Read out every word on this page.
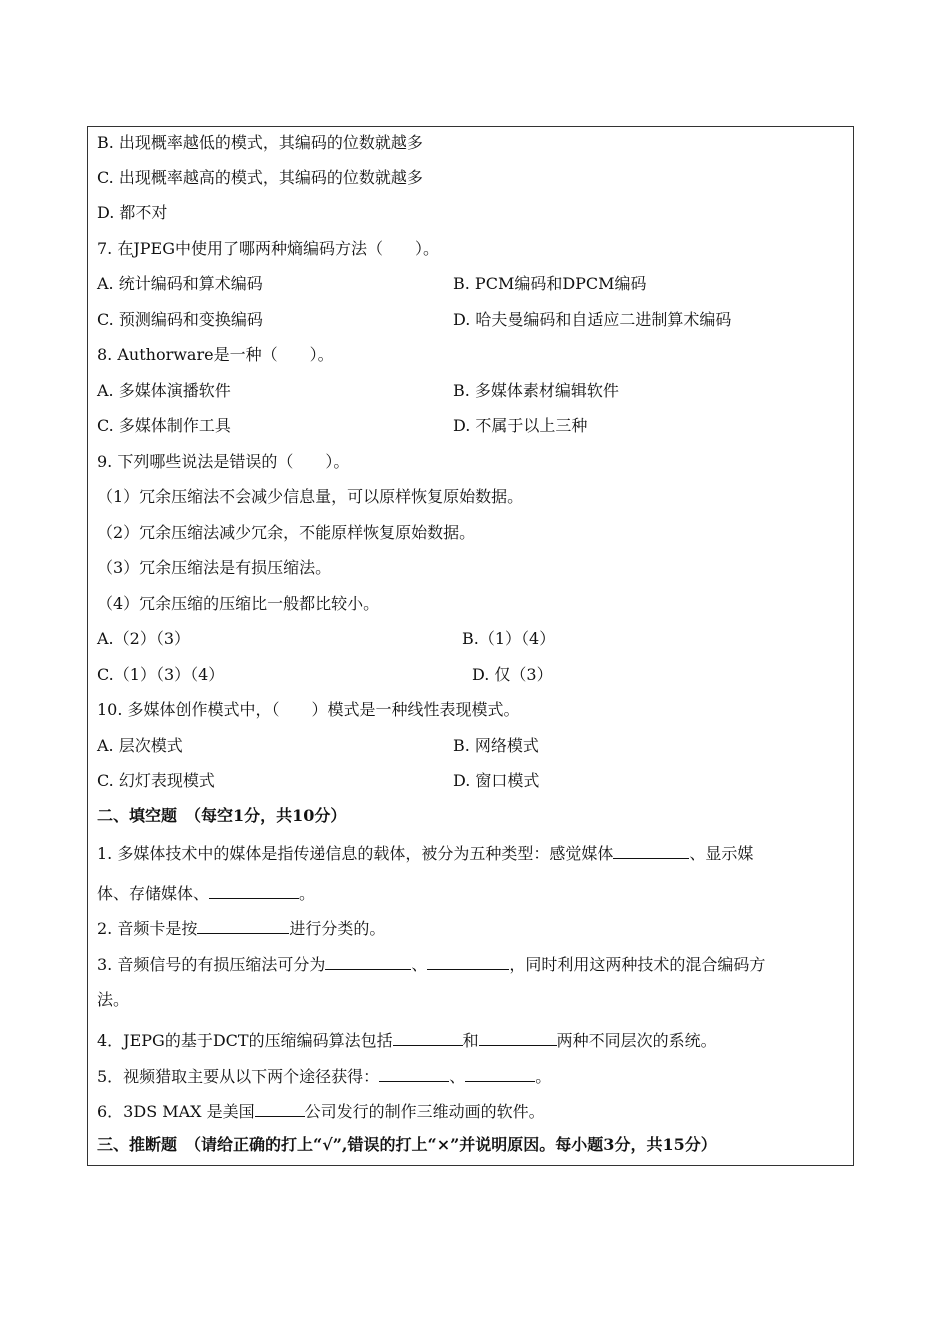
B. 出现概率越低的模式，其编码的位数就越多
C. 出现概率越高的模式，其编码的位数就越多
D. 都不对
7. 在JPEG中使用了哪两种熵编码方法（　　）。
A. 统计编码和算术编码	B. PCM编码和DPCM编码
C. 预测编码和变换编码	D. 哈夫曼编码和自适应二进制算术编码
8. Authorware是一种（　　）。
A. 多媒体演播软件	B. 多媒体素材编辑软件
C. 多媒体制作工具	D. 不属于以上三种
9. 下列哪些说法是错误的（　　）。
（1）冗余压缩法不会减少信息量，可以原样恢复原始数据。
（2）冗余压缩法减少冗余，不能原样恢复原始数据。
（3）冗余压缩法是有损压缩法。
（4）冗余压缩的压缩比一般都比较小。
A.（2）（3）	B.（1）（4）
C.（1）（3）（4）	D. 仅（3）
10. 多媒体创作模式中，（　　）模式是一种线性表现模式。
A. 层次模式	B. 网络模式
C. 幻灯表现模式	D. 窗口模式
二、填空题　（每空1分，共10分）
1. 多媒体技术中的媒体是指传递信息的载体，被分为五种类型：感觉媒体	、显示媒
体、存储媒体、	。
2. 音频卡是按	进行分类的。
3. 音频信号的有损压缩法可分为	、	，同时利用这两种技术的混合编码方
法。
4．JEPG的基于DCT的压缩编码算法包括	和	两种不同层次的系统。
5．视频猎取主要从以下两个途径获得：	、	。
6．3DS MAX 是美国	公司发行的制作三维动画的软件。
三、推断题　（请给正确的打上“√”,错误的打上“×”并说明原因。每小题3分，共15分）
